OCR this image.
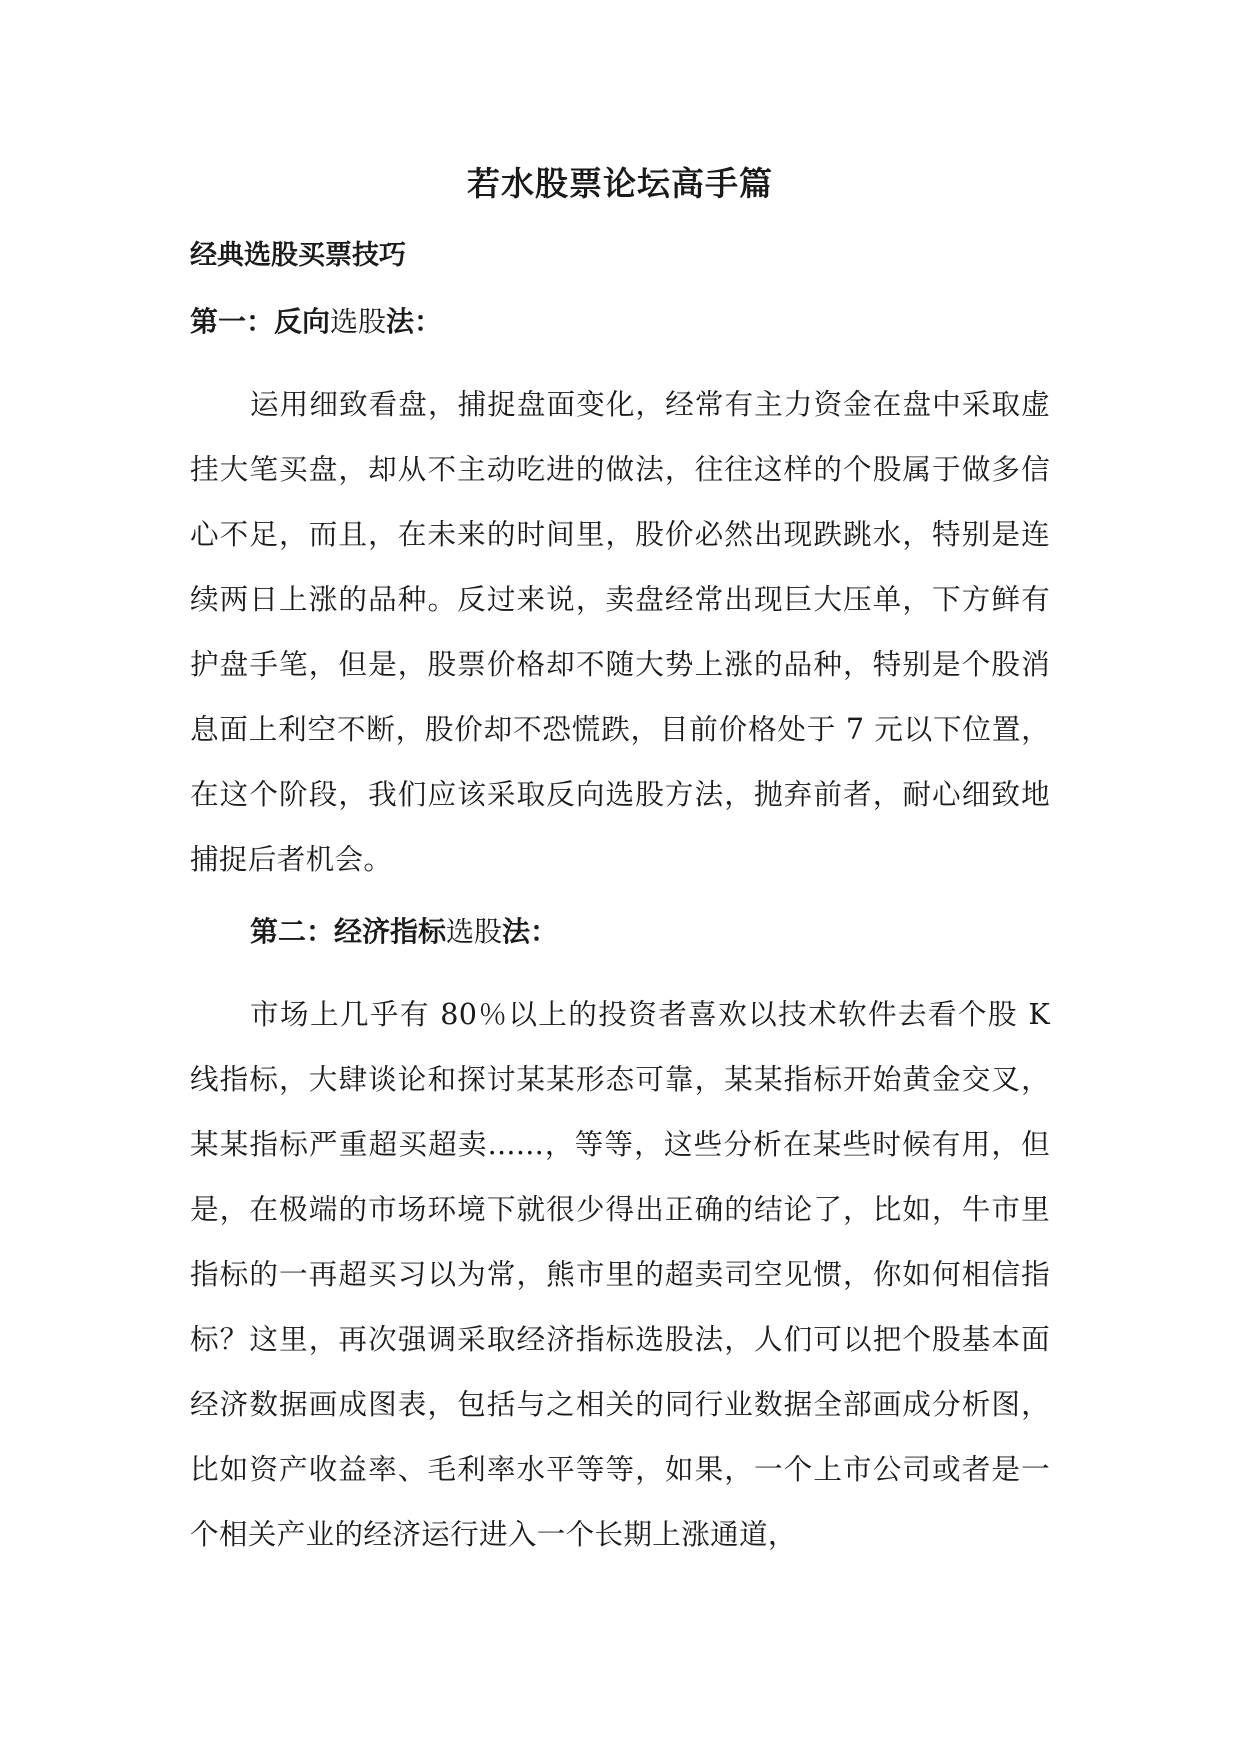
若水股票论坛高手篇
经典选股买票技巧
第一：反向选股法：

运用细致看盘，捕捉盘面变化，经常有主力资金在盘中采取虚挂大笔买盘，却从不主动吃进的做法，往往这样的个股属于做多信心不足，而且，在未来的时间里，股价必然出现跌跳水，特别是连续两日上涨的品种。反过来说，卖盘经常出现巨大压单，下方鲜有护盘手笔，但是，股票价格却不随大势上涨的品种，特别是个股消息面上利空不断，股价却不恐慌跌，目前价格处于 7 元以下位置，在这个阶段，我们应该采取反向选股方法，抛弃前者，耐心细致地捕捉后者机会。

第二：经济指标选股法：

市场上几乎有 80％以上的投资者喜欢以技术软件去看个股 K 线指标，大肆谈论和探讨某某形态可靠，某某指标开始黄金交叉，某某指标严重超买超卖......，等等，这些分析在某些时候有用，但是，在极端的市场环境下就很少得出正确的结论了，比如，牛市里指标的一再超买习以为常，熊市里的超卖司空见惯，你如何相信指标？这里，再次强调采取经济指标选股法，人们可以把个股基本面经济数据画成图表，包括与之相关的同行业数据全部画成分析图，比如资产收益率、毛利率水平等等，如果，一个上市公司或者是一个相关产业的经济运行进入一个长期上涨通道，
